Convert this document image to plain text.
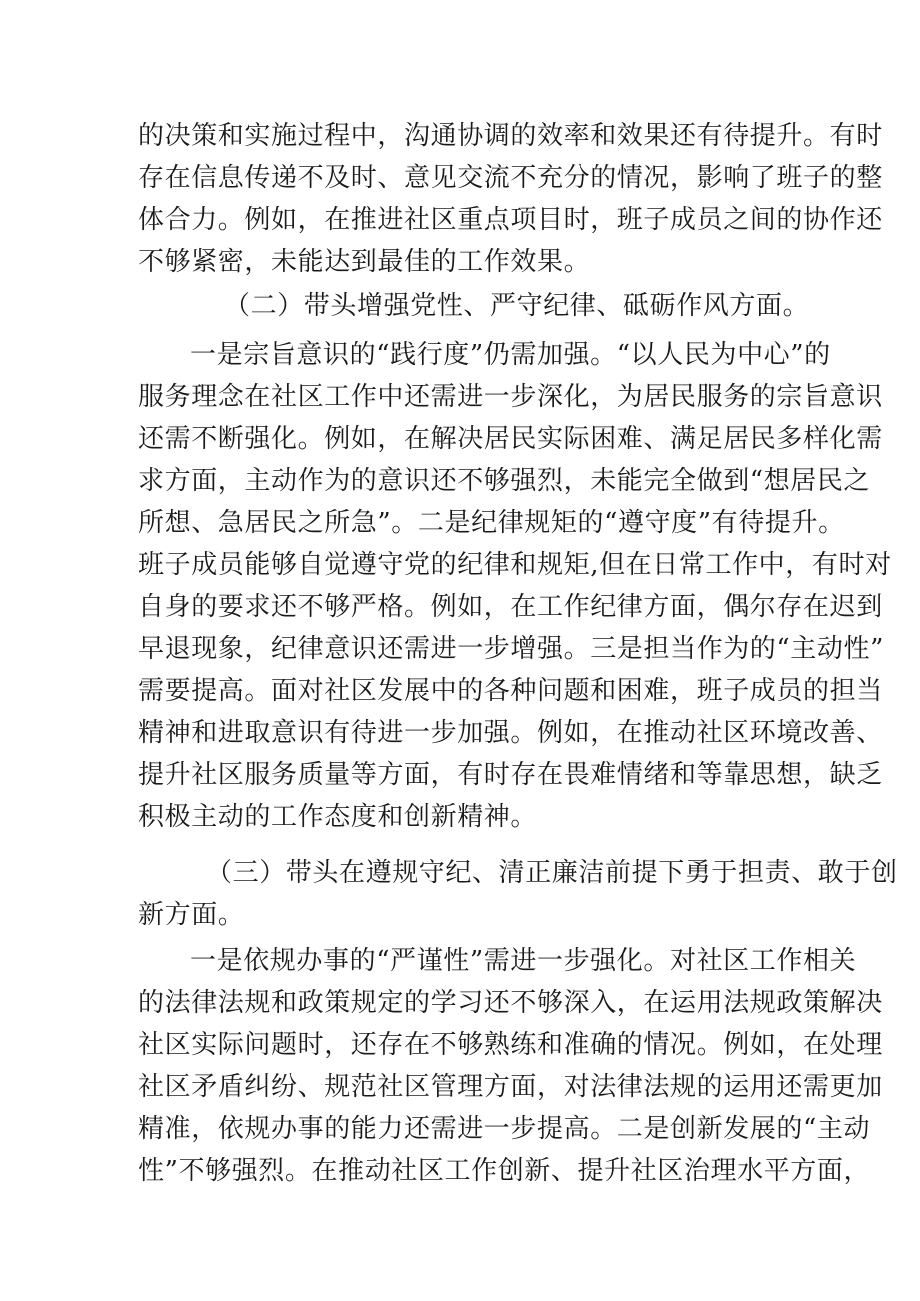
的决策和实施过程中，沟通协调的效率和效果还有待提升。有时
存在信息传递不及时、意见交流不充分的情况，影响了班子的整
体合力。例如，在推进社区重点项目时，班子成员之间的协作还
不够紧密，未能达到最佳的工作效果。
（二）带头增强党性、严守纪律、砥砺作风方面。
一是宗旨意识的“践行度”仍需加强。“以人民为中心”的
服务理念在社区工作中还需进一步深化，为居民服务的宗旨意识
还需不断强化。例如，在解决居民实际困难、满足居民多样化需
求方面，主动作为的意识还不够强烈，未能完全做到“想居民之
所想、急居民之所急”。二是纪律规矩的“遵守度”有待提升。
班子成员能够自觉遵守党的纪律和规矩,但在日常工作中，有时对
自身的要求还不够严格。例如，在工作纪律方面，偶尔存在迟到
早退现象，纪律意识还需进一步增强。三是担当作为的“主动性”
需要提高。面对社区发展中的各种问题和困难，班子成员的担当
精神和进取意识有待进一步加强。例如，在推动社区环境改善、
提升社区服务质量等方面，有时存在畏难情绪和等靠思想，缺乏
积极主动的工作态度和创新精神。
（三）带头在遵规守纪、清正廉洁前提下勇于担责、敢于创
新方面。
一是依规办事的“严谨性”需进一步强化。对社区工作相关
的法律法规和政策规定的学习还不够深入，在运用法规政策解决
社区实际问题时，还存在不够熟练和准确的情况。例如，在处理
社区矛盾纠纷、规范社区管理方面，对法律法规的运用还需更加
精准，依规办事的能力还需进一步提高。二是创新发展的“主动
性”不够强烈。在推动社区工作创新、提升社区治理水平方面，
